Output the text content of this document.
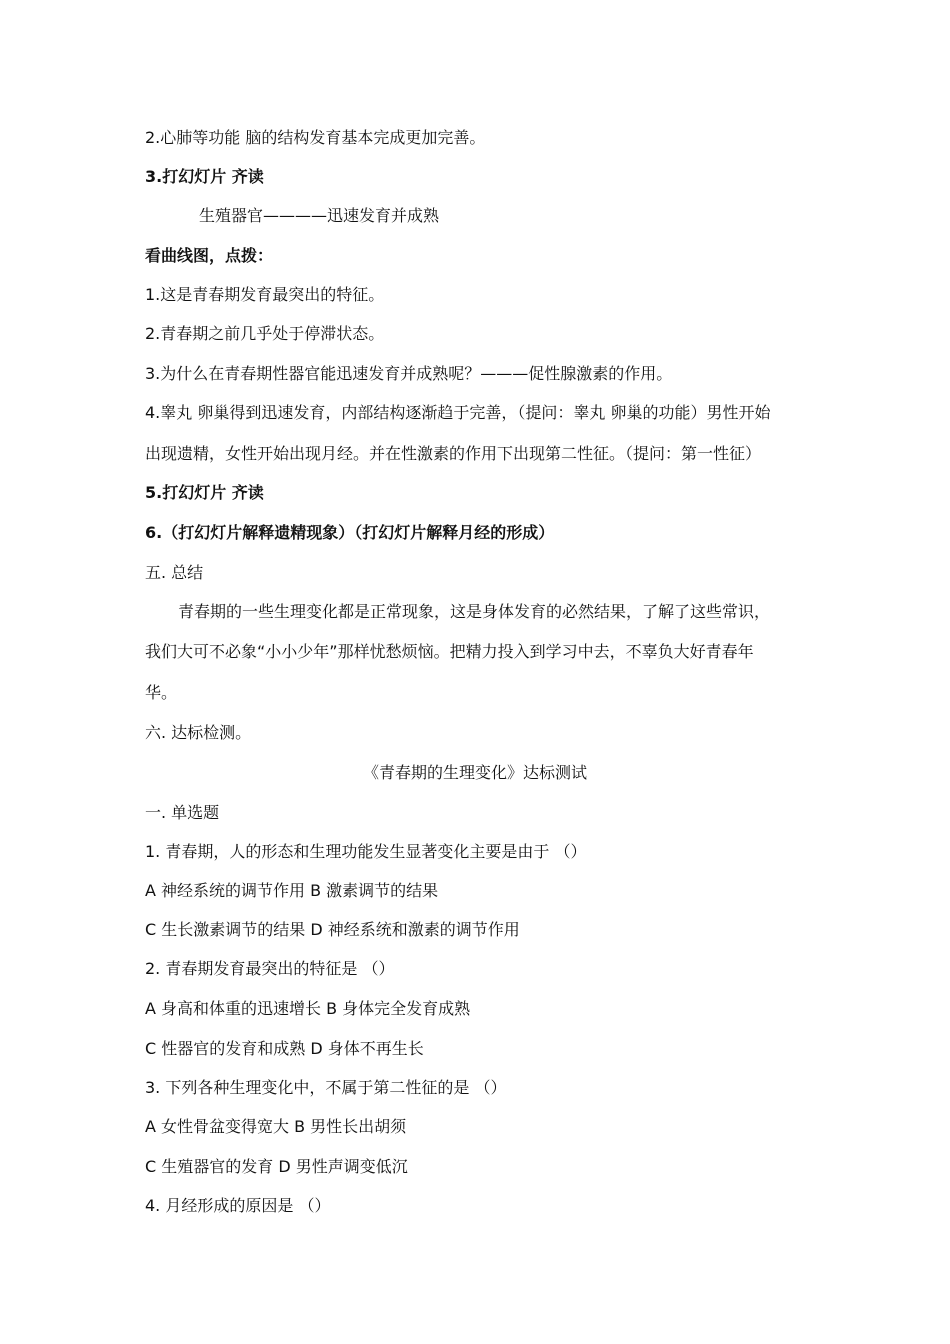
2.心肺等功能 脑的结构发育基本完成更加完善。
3.打幻灯片 齐读
生殖器官————迅速发育并成熟
看曲线图，点拨：
1.这是青春期发育最突出的特征。
2.青春期之前几乎处于停滞状态。
3.为什么在青春期性器官能迅速发育并成熟呢？———促性腺激素的作用。
4.睾丸 卵巢得到迅速发育，内部结构逐渐趋于完善，（提问：睾丸 卵巢的功能）男性开始
出现遗精，女性开始出现月经。并在性激素的作用下出现第二性征。（提问：第一性征）
5.打幻灯片 齐读
6.（打幻灯片解释遗精现象）（打幻灯片解释月经的形成）
五. 总结
青春期的一些生理变化都是正常现象，这是身体发育的必然结果，了解了这些常识，
我们大可不必象“小小少年”那样忧愁烦恼。把精力投入到学习中去，不辜负大好青春年
华。
六. 达标检测。
《青春期的生理变化》达标测试
一. 单选题
1. 青春期，人的形态和生理功能发生显著变化主要是由于 （）
A 神经系统的调节作用 B 激素调节的结果
C 生长激素调节的结果 D 神经系统和激素的调节作用
2. 青春期发育最突出的特征是 （）
A 身高和体重的迅速增长 B 身体完全发育成熟
C 性器官的发育和成熟 D 身体不再生长
3. 下列各种生理变化中，不属于第二性征的是 （）
A 女性骨盆变得宽大 B 男性长出胡须
C 生殖器官的发育 D 男性声调变低沉
4. 月经形成的原因是 （）
